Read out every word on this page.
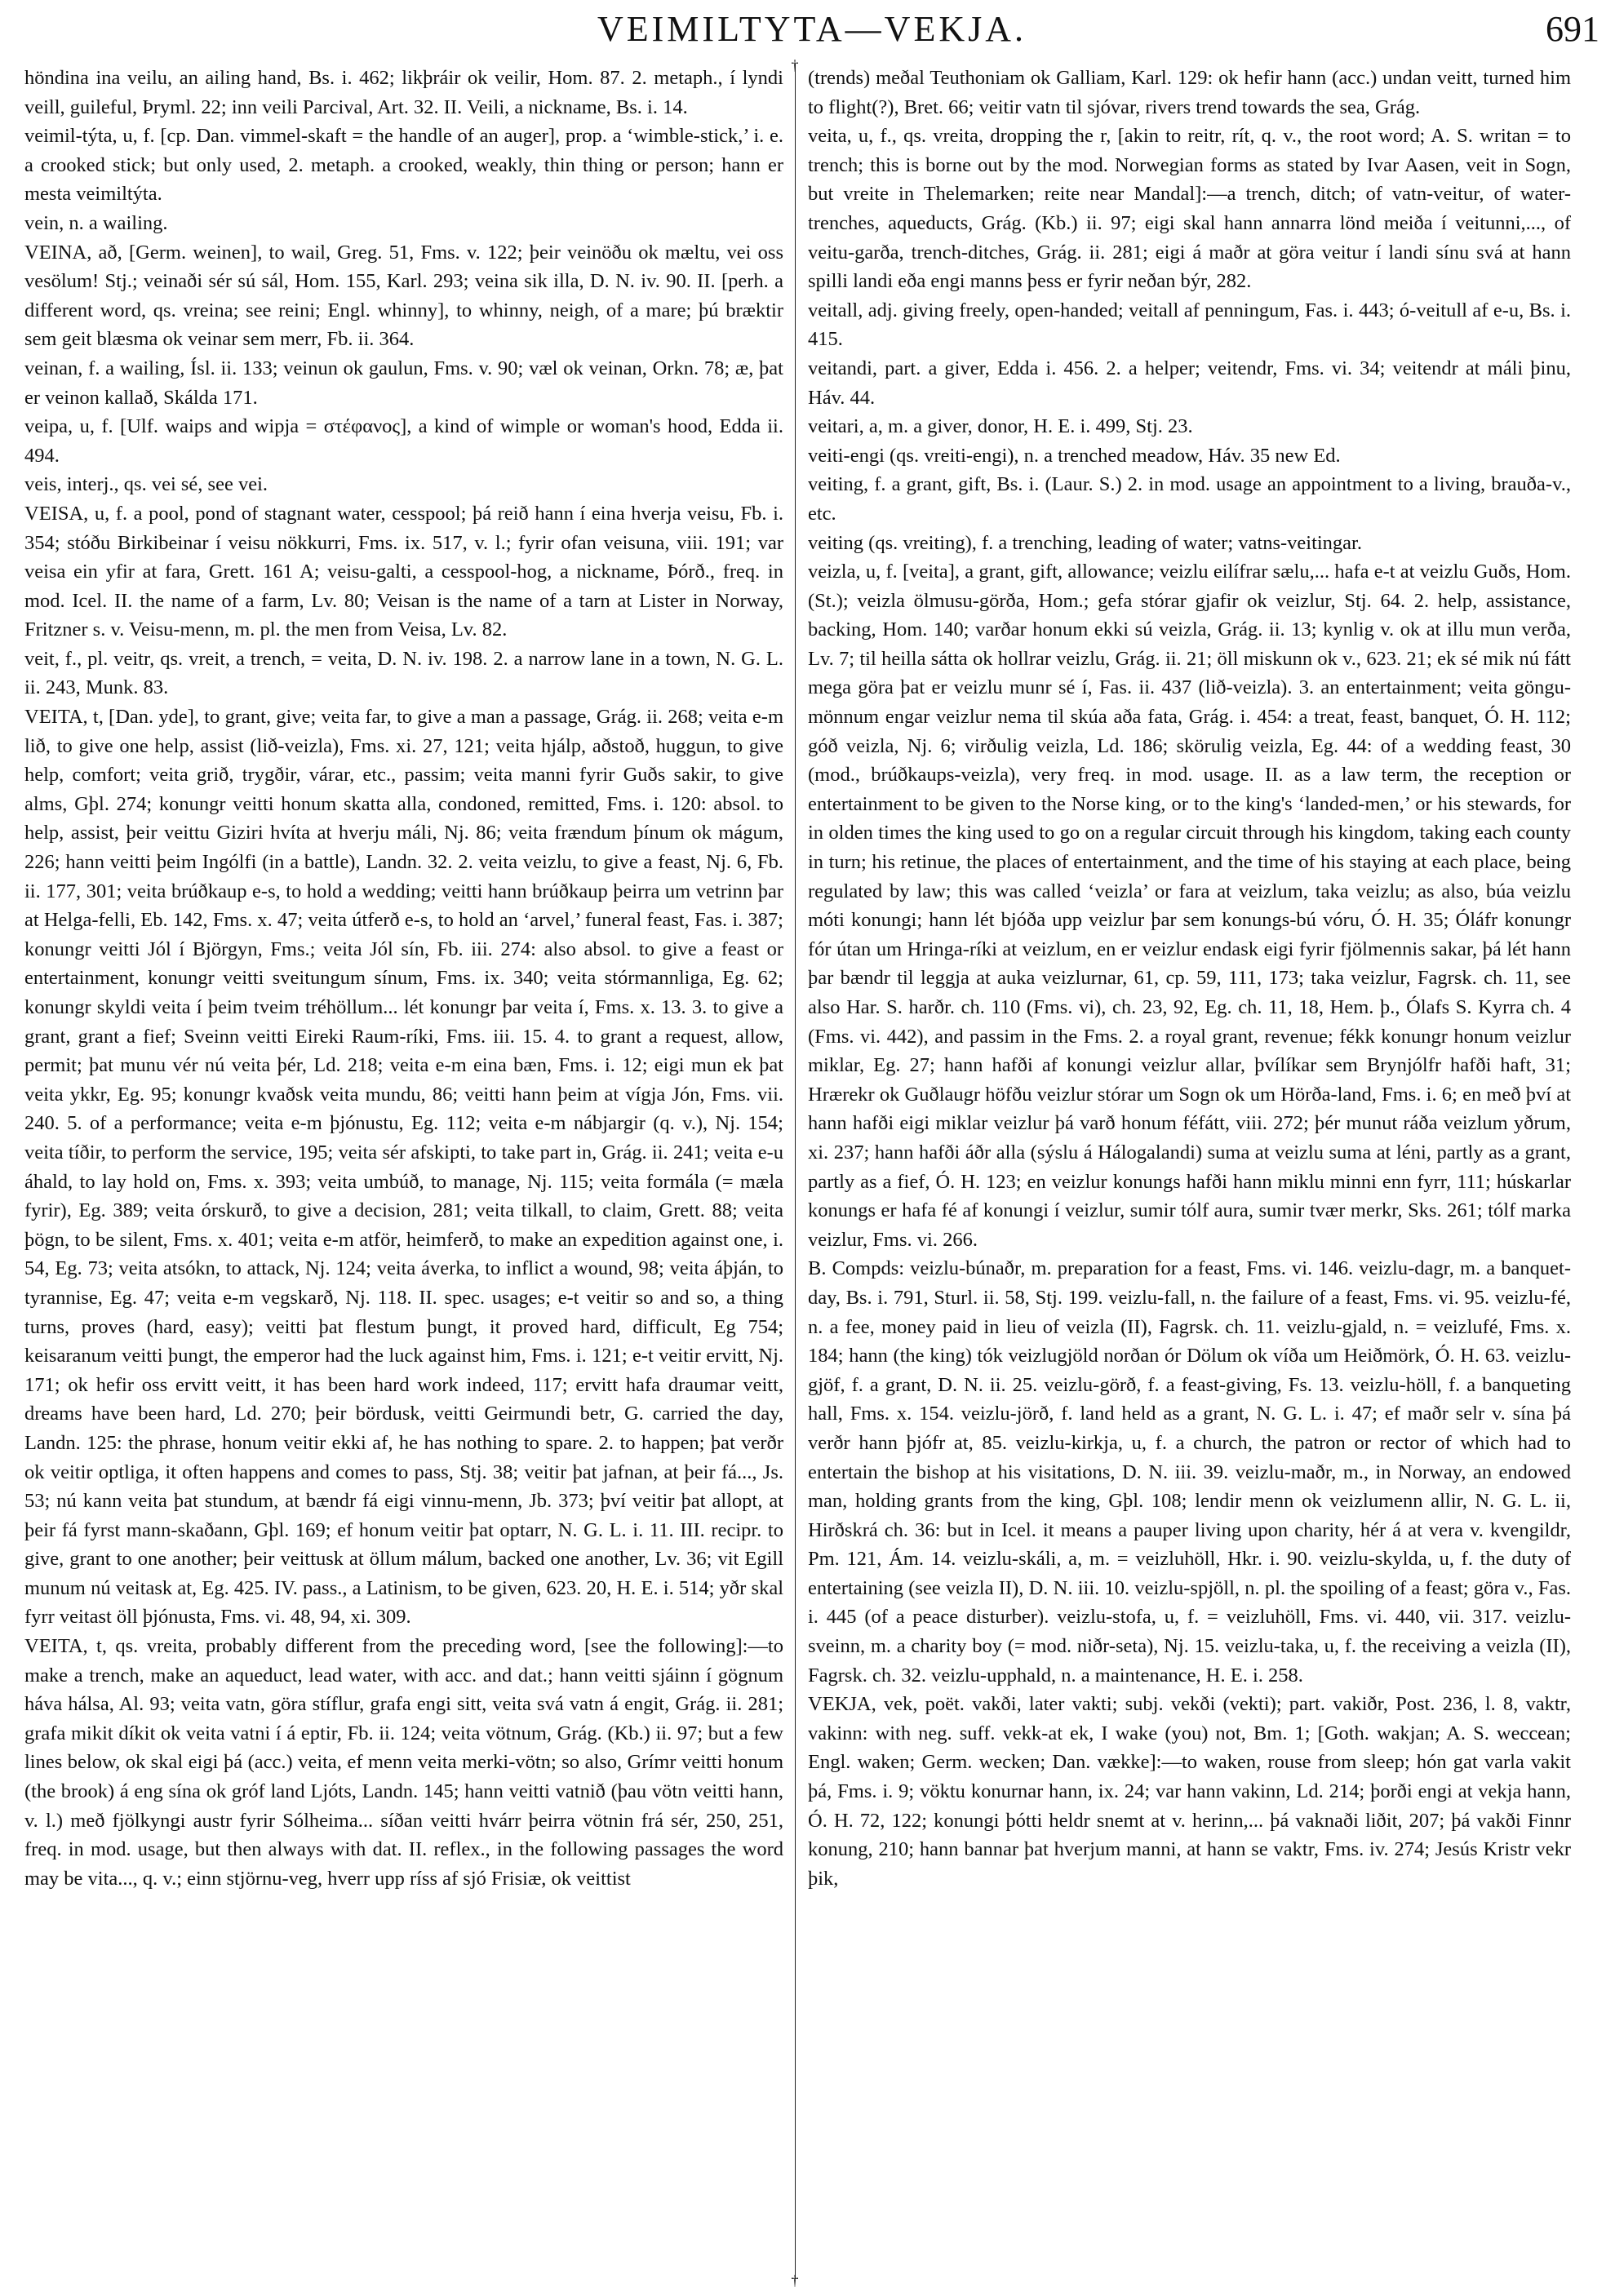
VEIMILTYTA—VEKJA.	691
†
†

höndina ina veilu, an ailing hand, Bs. i. 462; likþráir ok veilir, Hom. 87. 2. metaph., í lyndi veill, guileful, Þryml. 22; inn veili Parcival, Art. 32. II. Veili, a nickname, Bs. i. 14.

veimil-týta, u, f. [cp. Dan. vimmel-skaft = the handle of an auger], prop. a ‘wimble-stick,’ i. e. a crooked stick; but only used, 2. metaph. a crooked, weakly, thin thing or person; hann er mesta veimiltýta.

vein, n. a wailing.

VEINA, að, [Germ. weinen], to wail, Greg. 51, Fms. v. 122; þeir veinöðu ok mæltu, vei oss vesölum! Stj.; veinaði sér sú sál, Hom. 155, Karl. 293; veina sik illa, D. N. iv. 90. II. [perh. a different word, qs. vreina; see reini; Engl. whinny], to whinny, neigh, of a mare; þú bræktir sem geit blæsma ok veinar sem merr, Fb. ii. 364.

veinan, f. a wailing, Ísl. ii. 133; veinun ok gaulun, Fms. v. 90; væl ok veinan, Orkn. 78; æ, þat er veinon kallað, Skálda 171.

veipa, u, f. [Ulf. waips and wipja = στέφανος], a kind of wimple or woman's hood, Edda ii. 494.

veis, interj., qs. vei sé, see vei.

VEISA, u, f. a pool, pond of stagnant water, cesspool; þá reið hann í eina hverja veisu, Fb. i. 354; stóðu Birkibeinar í veisu nökkurri, Fms. ix. 517, v. l.; fyrir ofan veisuna, viii. 191; var veisa ein yfir at fara, Grett. 161 A; veisu-galti, a cesspool-hog, a nickname, Þórð., freq. in mod. Icel. II. the name of a farm, Lv. 80; Veisan is the name of a tarn at Lister in Norway, Fritzner s. v. Veisu-menn, m. pl. the men from Veisa, Lv. 82.

veit, f., pl. veitr, qs. vreit, a trench, = veita, D. N. iv. 198. 2. a narrow lane in a town, N. G. L. ii. 243, Munk. 83.

VEITA, t, [Dan. yde], to grant, give; veita far, to give a man a passage, Grág. ii. 268; veita e-m lið, to give one help, assist (lið-veizla), Fms. xi. 27, 121; veita hjálp, aðstoð, huggun, to give help, comfort; veita grið, trygðir, várar, etc., passim; veita manni fyrir Guðs sakir, to give alms, Gþl. 274; konungr veitti honum skatta alla, condoned, remitted, Fms. i. 120: absol. to help, assist, þeir veittu Giziri hvíta at hverju máli, Nj. 86; veita frændum þínum ok mágum, 226; hann veitti þeim Ingólfi (in a battle), Landn. 32. 2. veita veizlu, to give a feast, Nj. 6, Fb. ii. 177, 301; veita brúðkaup e-s, to hold a wedding; veitti hann brúðkaup þeirra um vetrinn þar at Helga-felli, Eb. 142, Fms. x. 47; veita útferð e-s, to hold an ‘arvel,’ funeral feast, Fas. i. 387; konungr veitti Jól í Björgyn, Fms.; veita Jól sín, Fb. iii. 274: also absol. to give a feast or entertainment, konungr veitti sveitungum sínum, Fms. ix. 340; veita stórmannliga, Eg. 62; konungr skyldi veita í þeim tveim tréhöllum... lét konungr þar veita í, Fms. x. 13. 3. to give a grant, grant a fief; Sveinn veitti Eireki Raum-ríki, Fms. iii. 15. 4. to grant a request, allow, permit; þat munu vér nú veita þér, Ld. 218; veita e-m eina bæn, Fms. i. 12; eigi mun ek þat veita ykkr, Eg. 95; konungr kvaðsk veita mundu, 86; veitti hann þeim at vígja Jón, Fms. vii. 240. 5. of a performance; veita e-m þjónustu, Eg. 112; veita e-m nábjargir (q. v.), Nj. 154; veita tíðir, to perform the service, 195; veita sér afskipti, to take part in, Grág. ii. 241; veita e-u áhald, to lay hold on, Fms. x. 393; veita umbúð, to manage, Nj. 115; veita formála (= mæla fyrir), Eg. 389; veita órskurð, to give a decision, 281; veita tilkall, to claim, Grett. 88; veita þögn, to be silent, Fms. x. 401; veita e-m atför, heimferð, to make an expedition against one, i. 54, Eg. 73; veita atsókn, to attack, Nj. 124; veita áverka, to inflict a wound, 98; veita áþján, to tyrannise, Eg. 47; veita e-m vegskarð, Nj. 118. II. spec. usages; e-t veitir so and so, a thing turns, proves (hard, easy); veitti þat flestum þungt, it proved hard, difficult, Eg 754; keisaranum veitti þungt, the emperor had the luck against him, Fms. i. 121; e-t veitir ervitt, Nj. 171; ok hefir oss ervitt veitt, it has been hard work indeed, 117; ervitt hafa draumar veitt, dreams have been hard, Ld. 270; þeir bördusk, veitti Geirmundi betr, G. carried the day, Landn. 125: the phrase, honum veitir ekki af, he has nothing to spare. 2. to happen; þat verðr ok veitir optliga, it often happens and comes to pass, Stj. 38; veitir þat jafnan, at þeir fá..., Js. 53; nú kann veita þat stundum, at bændr fá eigi vinnu-menn, Jb. 373; því veitir þat allopt, at þeir fá fyrst mann-skaðann, Gþl. 169; ef honum veitir þat optarr, N. G. L. i. 11. III. recipr. to give, grant to one another; þeir veittusk at öllum málum, backed one another, Lv. 36; vit Egill munum nú veitask at, Eg. 425. IV. pass., a Latinism, to be given, 623. 20, H. E. i. 514; yðr skal fyrr veitast öll þjónusta, Fms. vi. 48, 94, xi. 309.

VEITA, t, qs. vreita, probably different from the preceding word, [see the following]:—to make a trench, make an aqueduct, lead water, with acc. and dat.; hann veitti sjáinn í gögnum háva hálsa, Al. 93; veita vatn, göra stíflur, grafa engi sitt, veita svá vatn á engit, Grág. ii. 281; grafa mikit díkit ok veita vatni í á eptir, Fb. ii. 124; veita vötnum, Grág. (Kb.) ii. 97; but a few lines below, ok skal eigi þá (acc.) veita, ef menn veita merki-vötn; so also, Grímr veitti honum (the brook) á eng sína ok gróf land Ljóts, Landn. 145; hann veitti vatnið (þau vötn veitti hann, v. l.) með fjölkyngi austr fyrir Sólheima... síðan veitti hvárr þeirra vötnin frá sér, 250, 251, freq. in mod. usage, but then always with dat. II. reflex., in the following passages the word may be vita..., q. v.; einn stjörnu-veg, hverr upp ríss af sjó Frisiæ, ok veittist

(trends) meðal Teuthoniam ok Galliam, Karl. 129: ok hefir hann (acc.) undan veitt, turned him to flight(?), Bret. 66; veitir vatn til sjóvar, rivers trend towards the sea, Grág.

veita, u, f., qs. vreita, dropping the r, [akin to reitr, rít, q. v., the root word; A. S. writan = to trench; this is borne out by the mod. Norwegian forms as stated by Ivar Aasen, veit in Sogn, but vreite in Thelemarken; reite near Mandal]:—a trench, ditch; of vatn-veitur, of water-trenches, aqueducts, Grág. (Kb.) ii. 97; eigi skal hann annarra lönd meiða í veitunni,..., of veitu-garða, trench-ditches, Grág. ii. 281; eigi á maðr at göra veitur í landi sínu svá at hann spilli landi eða engi manns þess er fyrir neðan býr, 282.

veitall, adj. giving freely, open-handed; veitall af penningum, Fas. i. 443; ó-veitull af e-u, Bs. i. 415.

veitandi, part. a giver, Edda i. 456. 2. a helper; veitendr, Fms. vi. 34; veitendr at máli þinu, Háv. 44.

veitari, a, m. a giver, donor, H. E. i. 499, Stj. 23.

veiti-engi (qs. vreiti-engi), n. a trenched meadow, Háv. 35 new Ed.

veiting, f. a grant, gift, Bs. i. (Laur. S.) 2. in mod. usage an appointment to a living, brauða-v., etc.

veiting (qs. vreiting), f. a trenching, leading of water; vatns-veitingar.

veizla, u, f. [veita], a grant, gift, allowance; veizlu eilífrar sælu,... hafa e-t at veizlu Guðs, Hom. (St.); veizla ölmusu-görða, Hom.; gefa stórar gjafir ok veizlur, Stj. 64. 2. help, assistance, backing, Hom. 140; varðar honum ekki sú veizla, Grág. ii. 13; kynlig v. ok at illu mun verða, Lv. 7; til heilla sátta ok hollrar veizlu, Grág. ii. 21; öll miskunn ok v., 623. 21; ek sé mik nú fátt mega göra þat er veizlu munr sé í, Fas. ii. 437 (lið-veizla). 3. an entertainment; veita göngu-mönnum engar veizlur nema til skúa aða fata, Grág. i. 454: a treat, feast, banquet, Ó. H. 112; góð veizla, Nj. 6; virðulig veizla, Ld. 186; skörulig veizla, Eg. 44: of a wedding feast, 30 (mod., brúðkaups-veizla), very freq. in mod. usage. II. as a law term, the reception or entertainment to be given to the Norse king, or to the king's ‘landed-men,’ or his stewards, for in olden times the king used to go on a regular circuit through his kingdom, taking each county in turn; his retinue, the places of entertainment, and the time of his staying at each place, being regulated by law; this was called ‘veizla’ or fara at veizlum, taka veizlu; as also, búa veizlu móti konungi; hann lét bjóða upp veizlur þar sem konungs-bú vóru, Ó. H. 35; Óláfr konungr fór útan um Hringa-ríki at veizlum, en er veizlur endask eigi fyrir fjölmennis sakar, þá lét hann þar bændr til leggja at auka veizlurnar, 61, cp. 59, 111, 173; taka veizlur, Fagrsk. ch. 11, see also Har. S. harðr. ch. 110 (Fms. vi), ch. 23, 92, Eg. ch. 11, 18, Hem. þ., Ólafs S. Kyrra ch. 4 (Fms. vi. 442), and passim in the Fms. 2. a royal grant, revenue; fékk konungr honum veizlur miklar, Eg. 27; hann hafði af konungi veizlur allar, þvílíkar sem Brynjólfr hafði haft, 31; Hrærekr ok Guðlaugr höfðu veizlur stórar um Sogn ok um Hörða-land, Fms. i. 6; en með því at hann hafði eigi miklar veizlur þá varð honum féfátt, viii. 272; þér munut ráða veizlum yðrum, xi. 237; hann hafði áðr alla (sýslu á Hálogalandi) suma at veizlu suma at léni, partly as a grant, partly as a fief, Ó. H. 123; en veizlur konungs hafði hann miklu minni enn fyrr, 111; húskarlar konungs er hafa fé af konungi í veizlur, sumir tólf aura, sumir tvær merkr, Sks. 261; tólf marka veizlur, Fms. vi. 266.

B. Compds: veizlu-búnaðr, m. preparation for a feast, Fms. vi. 146. veizlu-dagr, m. a banquet-day, Bs. i. 791, Sturl. ii. 58, Stj. 199. veizlu-fall, n. the failure of a feast, Fms. vi. 95. veizlu-fé, n. a fee, money paid in lieu of veizla (II), Fagrsk. ch. 11. veizlu-gjald, n. = veizlufé, Fms. x. 184; hann (the king) tók veizlugjöld norðan ór Dölum ok víða um Heiðmörk, Ó. H. 63. veizlu-gjöf, f. a grant, D. N. ii. 25. veizlu-görð, f. a feast-giving, Fs. 13. veizlu-höll, f. a banqueting hall, Fms. x. 154. veizlu-jörð, f. land held as a grant, N. G. L. i. 47; ef maðr selr v. sína þá verðr hann þjófr at, 85. veizlu-kirkja, u, f. a church, the patron or rector of which had to entertain the bishop at his visitations, D. N. iii. 39. veizlu-maðr, m., in Norway, an endowed man, holding grants from the king, Gþl. 108; lendir menn ok veizlumenn allir, N. G. L. ii, Hirðskrá ch. 36: but in Icel. it means a pauper living upon charity, hér á at vera v. kvengildr, Pm. 121, Ám. 14. veizlu-skáli, a, m. = veizluhöll, Hkr. i. 90. veizlu-skylda, u, f. the duty of entertaining (see veizla II), D. N. iii. 10. veizlu-spjöll, n. pl. the spoiling of a feast; göra v., Fas. i. 445 (of a peace disturber). veizlu-stofa, u, f. = veizluhöll, Fms. vi. 440, vii. 317. veizlu-sveinn, m. a charity boy (= mod. niðr-seta), Nj. 15. veizlu-taka, u, f. the receiving a veizla (II), Fagrsk. ch. 32. veizlu-upphald, n. a maintenance, H. E. i. 258.

VEKJA, vek, poët. vakði, later vakti; subj. vekði (vekti); part. vakiðr, Post. 236, l. 8, vaktr, vakinn: with neg. suff. vekk-at ek, I wake (you) not, Bm. 1; [Goth. wakjan; A. S. weccean; Engl. waken; Germ. wecken; Dan. vække]:—to waken, rouse from sleep; hón gat varla vakit þá, Fms. i. 9; vöktu konurnar hann, ix. 24; var hann vakinn, Ld. 214; þorði engi at vekja hann, Ó. H. 72, 122; konungi þótti heldr snemt at v. herinn,... þá vaknaði liðit, 207; þá vakði Finnr konung, 210; hann bannar þat hverjum manni, at hann se vaktr, Fms. iv. 274; Jesús Kristr vekr þik,
